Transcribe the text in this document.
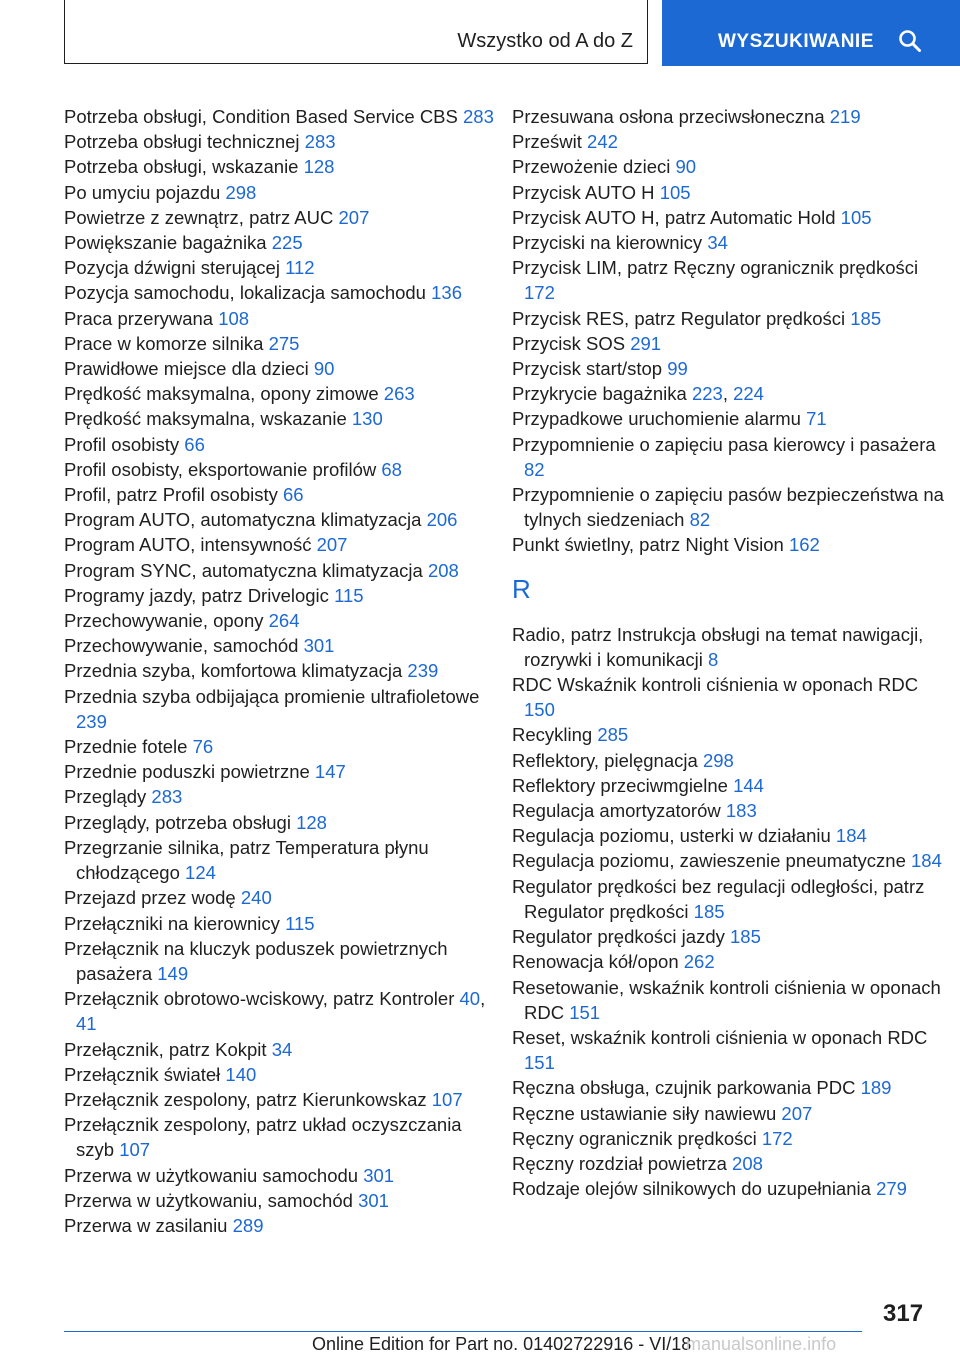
Wszystko od A do Z	WYSZUKIWANIE
Potrzeba obsługi, Condition Based Service CBS 283
Potrzeba obsługi technicznej 283
Potrzeba obsługi, wskazanie 128
Po umyciu pojazdu 298
Powietrze z zewnątrz, patrz AUC 207
Powiększanie bagażnika 225
Pozycja dźwigni sterującej 112
Pozycja samochodu, lokalizacja samochodu 136
Praca przerywana 108
Prace w komorze silnika 275
Prawidłowe miejsce dla dzieci 90
Prędkość maksymalna, opony zimowe 263
Prędkość maksymalna, wskazanie 130
Profil osobisty 66
Profil osobisty, eksportowanie profilów 68
Profil, patrz Profil osobisty 66
Program AUTO, automatyczna klimatyzacja 206
Program AUTO, intensywność 207
Program SYNC, automatyczna klimatyzacja 208
Programy jazdy, patrz Drivelogic 115
Przechowywanie, opony 264
Przechowywanie, samochód 301
Przednia szyba, komfortowa klimatyzacja 239
Przednia szyba odbijająca promienie ultrafioletowe 239
Przednie fotele 76
Przednie poduszki powietrzne 147
Przeglądy 283
Przeglądy, potrzeba obsługi 128
Przegrzanie silnika, patrz Temperatura płynu chłodzącego 124
Przejazd przez wodę 240
Przełączniki na kierownicy 115
Przełącznik na kluczyk poduszek powietrznych pasażera 149
Przełącznik obrotowo-wciskowy, patrz Kontroler 40, 41
Przełącznik, patrz Kokpit 34
Przełącznik świateł 140
Przełącznik zespolony, patrz Kierunkowskaz 107
Przełącznik zespolony, patrz układ oczyszczania szyb 107
Przerwa w użytkowaniu samochodu 301
Przerwa w użytkowaniu, samochód 301
Przerwa w zasilaniu 289
Przesuwana osłona przeciwsłoneczna 219
Prześwit 242
Przewożenie dzieci 90
Przycisk AUTO H 105
Przycisk AUTO H, patrz Automatic Hold 105
Przyciski na kierownicy 34
Przycisk LIM, patrz Ręczny ogranicznik prędkości 172
Przycisk RES, patrz Regulator prędkości 185
Przycisk SOS 291
Przycisk start/stop 99
Przykrycie bagażnika 223, 224
Przypadkowe uruchomienie alarmu 71
Przypomnienie o zapięciu pasa kierowcy i pasażera 82
Przypomnienie o zapięciu pasów bezpieczeństwa na tylnych siedzeniach 82
Punkt świetlny, patrz Night Vision 162
R
Radio, patrz Instrukcja obsługi na temat nawigacji, rozrywki i komunikacji 8
RDC Wskaźnik kontroli ciśnienia w oponach RDC 150
Recykling 285
Reflektory, pielęgnacja 298
Reflektory przeciwmgielne 144
Regulacja amortyzatorów 183
Regulacja poziomu, usterki w działaniu 184
Regulacja poziomu, zawieszenie pneumatyczne 184
Regulator prędkości bez regulacji odległości, patrz Regulator prędkości 185
Regulator prędkości jazdy 185
Renowacja kół/opon 262
Resetowanie, wskaźnik kontroli ciśnienia w oponach RDC 151
Reset, wskaźnik kontroli ciśnienia w oponach RDC 151
Ręczna obsługa, czujnik parkowania PDC 189
Ręczne ustawianie siły nawiewu 207
Ręczny ogranicznik prędkości 172
Ręczny rozdział powietrza 208
Rodzaje olejów silnikowych do uzupełniania 279
317
Online Edition for Part no. 01402722916 - VI/18
manualsonline.info
